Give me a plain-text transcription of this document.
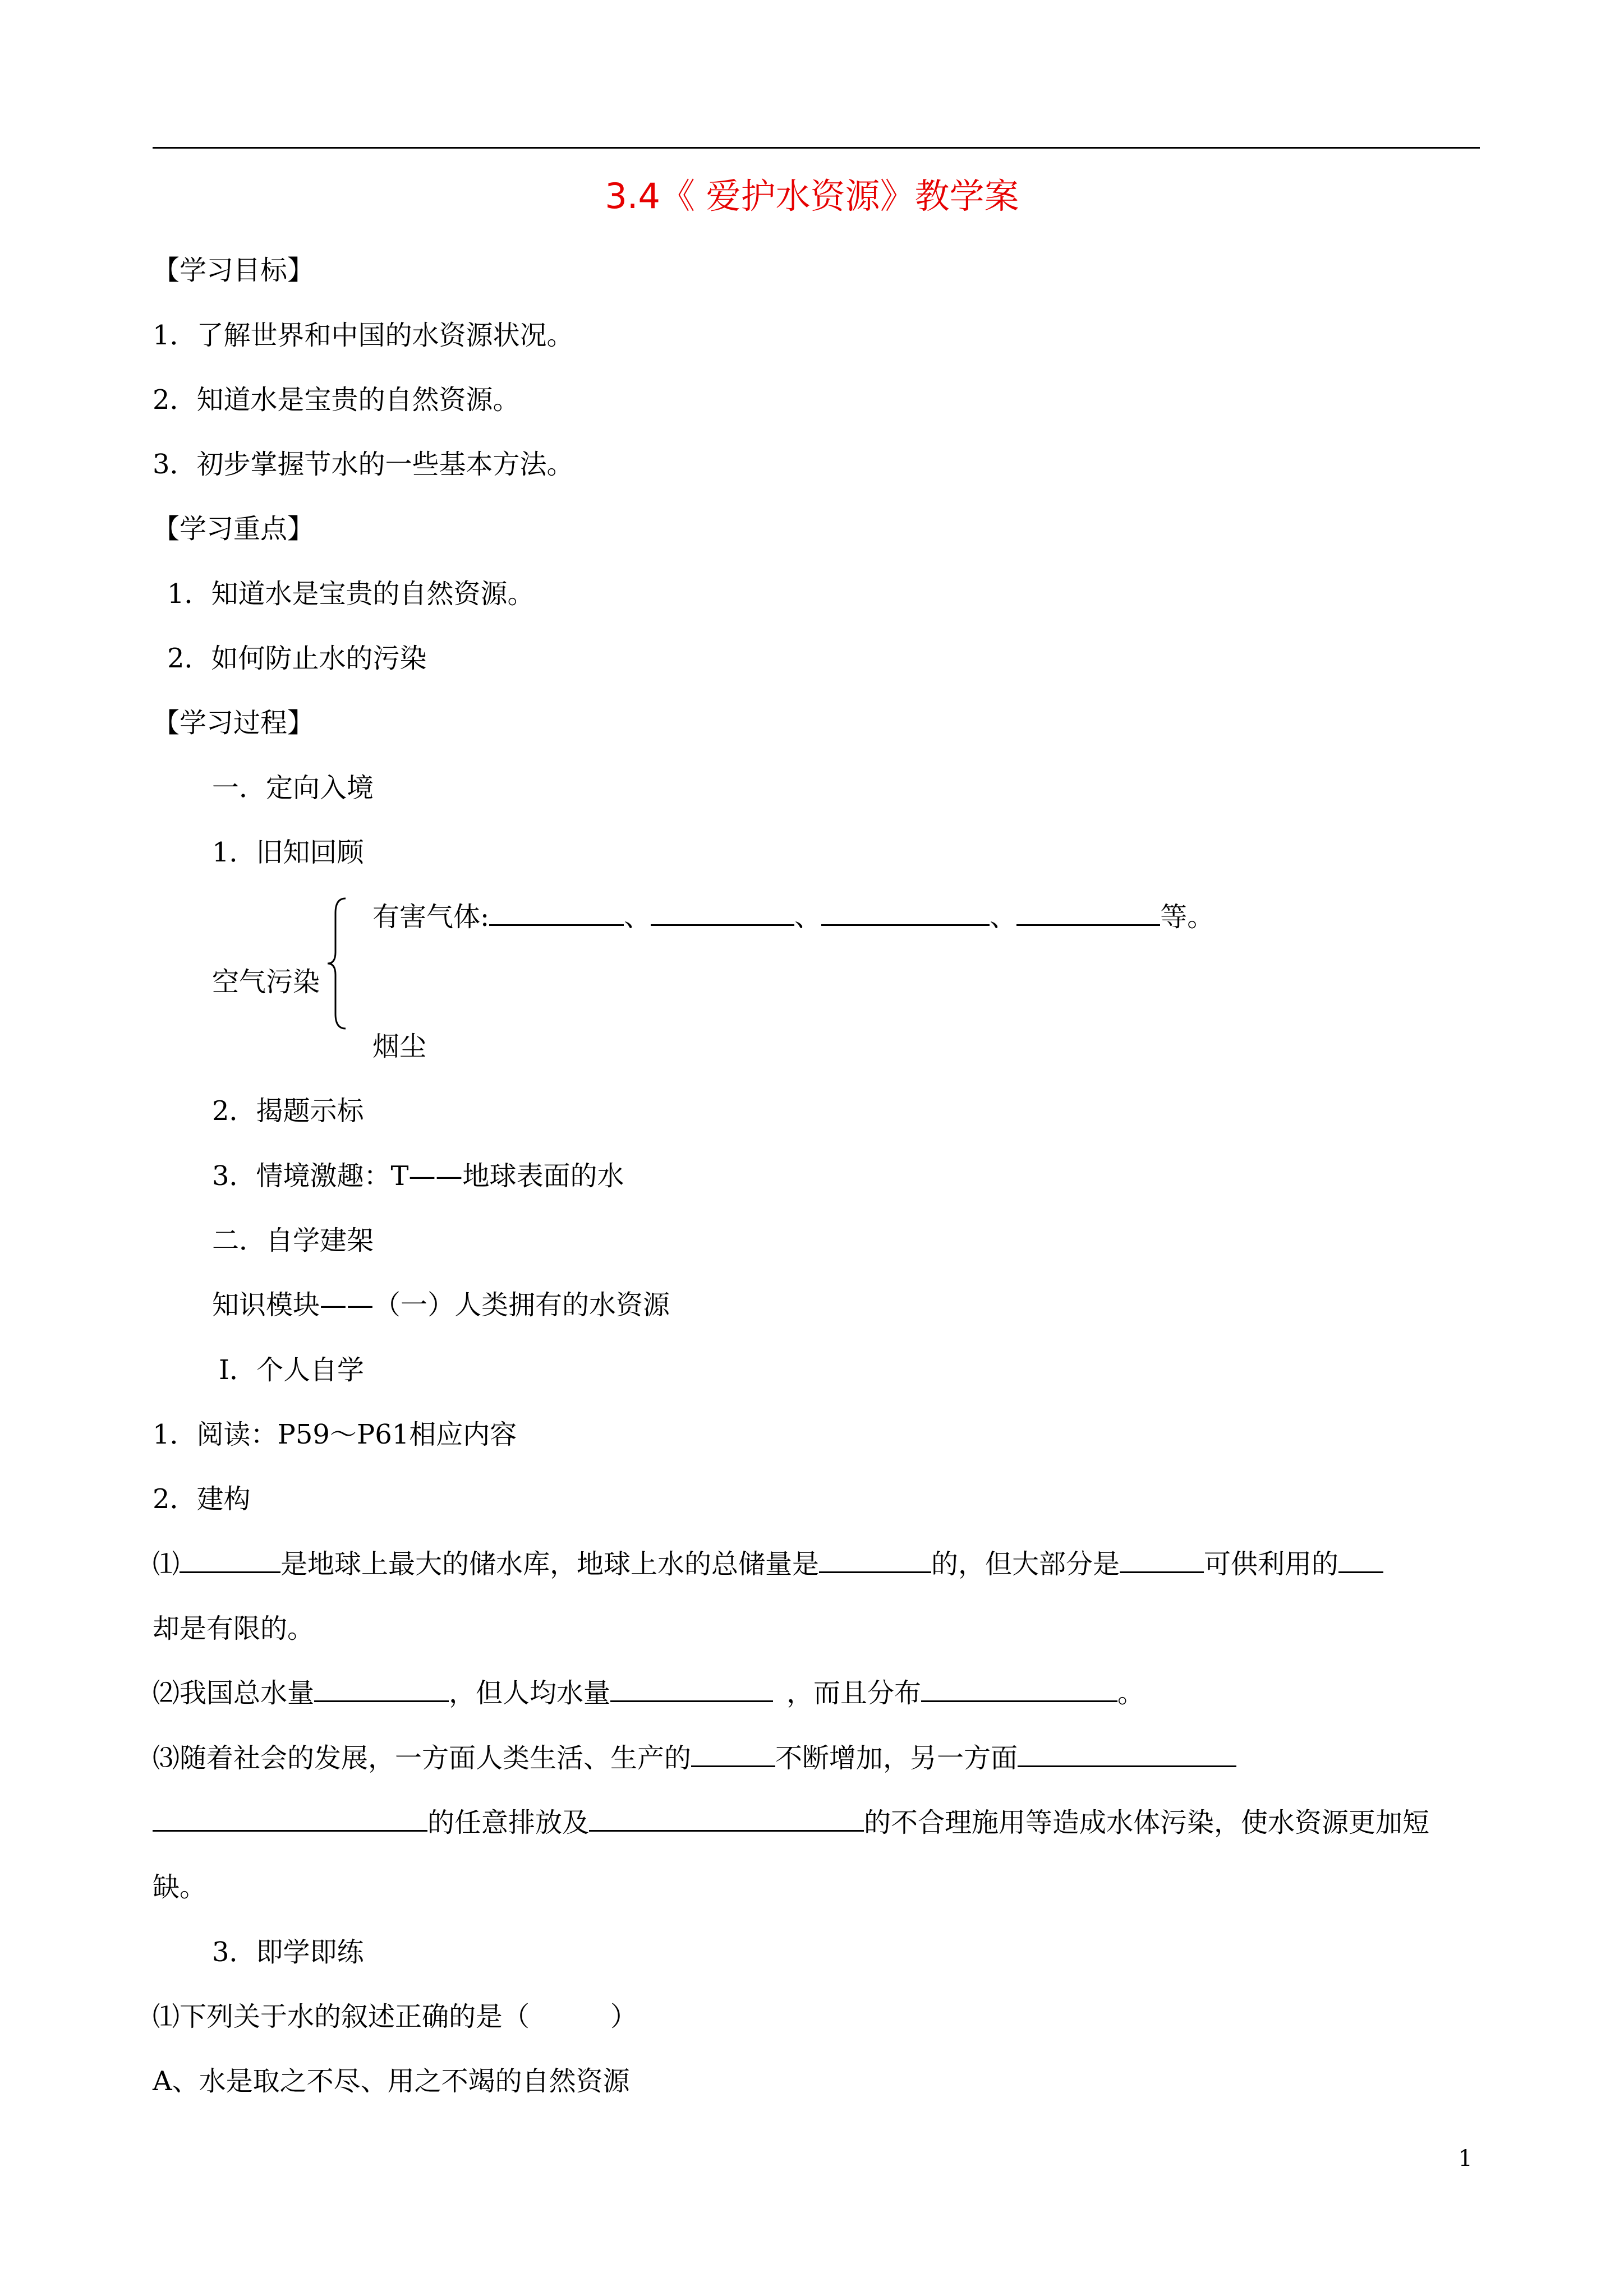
3.4《 爱护水资源》教学案
【学习目标】
1．了解世界和中国的水资源状况。
2．知道水是宝贵的自然资源。
3．初步掌握节水的一些基本方法。
【学习重点】
1．知道水是宝贵的自然资源。
2．如何防止水的污染
【学习过程】
一．定向入境
1．旧知回顾
有害气体:	、	、	、	等。
空气污染
烟尘
2．揭题示标
3．情境激趣：T——地球表面的水
二．自学建架
知识模块——（一）人类拥有的水资源
Ⅰ．个人自学
1．阅读：P59～P61相应内容
2．建构
⑴	是地球上最大的储水库，地球上水的总储量是	的，但大部分是	可供利用的
却是有限的。
⑵我国总水量	，但人均水量	，而且分布	。
⑶随着社会的发展，一方面人类生活、生产的	不断增加，另一方面
的任意排放及	的不合理施用等造成水体污染，使水资源更加短
缺。
3．即学即练
⑴下列关于水的叙述正确的是（　　　）
A、水是取之不尽、用之不竭的自然资源
1
